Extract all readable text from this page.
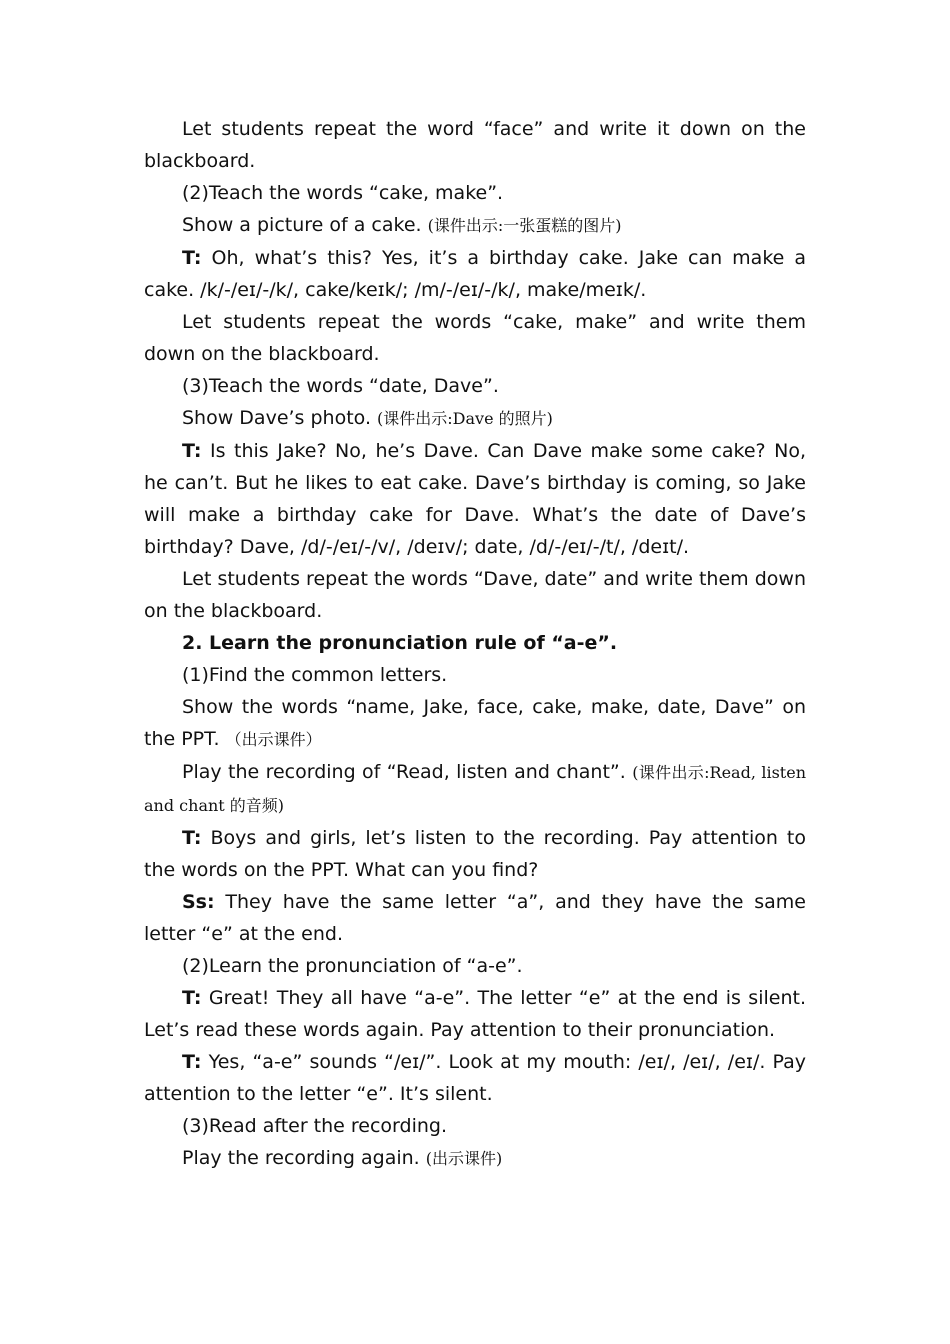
Let students repeat the word “face” and write it down on the blackboard.

(2)Teach the words “cake, make”.

Show a picture of a cake. (课件出示:一张蛋糕的图片)

T: Oh, what’s this? Yes, it’s a birthday cake. Jake can make a cake. /k/-/eɪ/-/k/, cake/keɪk/; /m/-/eɪ/-/k/, make/meɪk/.

Let students repeat the words “cake, make” and write them down on the blackboard.

(3)Teach the words “date, Dave”.

Show Dave’s photo. (课件出示:Dave 的照片)

T: Is this Jake? No, he’s Dave. Can Dave make some cake? No, he can’t. But he likes to eat cake. Dave’s birthday is coming, so Jake will make a birthday cake for Dave. What’s the date of Dave’s birthday? Dave, /d/-/eɪ/-/v/, /deɪv/; date, /d/-/eɪ/-/t/, /deɪt/.

Let students repeat the words “Dave, date” and write them down on the blackboard.

2. Learn the pronunciation rule of “a-e”.

(1)Find the common letters.

Show the words “name, Jake, face, cake, make, date, Dave” on the PPT. （出示课件）

Play the recording of “Read, listen and chant”. (课件出示:Read, listen and chant 的音频)

T: Boys and girls, let’s listen to the recording. Pay attention to the words on the PPT. What can you find?

Ss: They have the same letter “a”, and they have the same letter “e” at the end.

(2)Learn the pronunciation of “a-e”.

T: Great! They all have “a-e”. The letter “e” at the end is silent. Let’s read these words again. Pay attention to their pronunciation.

T: Yes, “a-e” sounds “/eɪ/”. Look at my mouth: /eɪ/, /eɪ/, /eɪ/. Pay attention to the letter “e”. It’s silent.

(3)Read after the recording.

Play the recording again. (出示课件)
